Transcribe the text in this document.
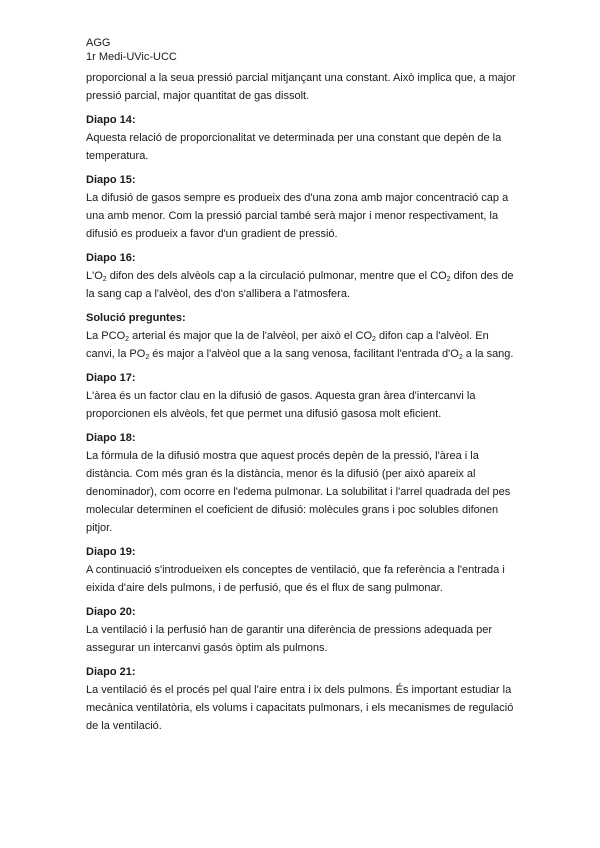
AGG
1r Medi-UVic-UCC

proporcional a la seua pressió parcial mitjançant una constant. Això implica que, a major pressió parcial, major quantitat de gas dissolt.

Diapo 14:

Aquesta relació de proporcionalitat ve determinada per una constant que depèn de la temperatura.

Diapo 15:

La difusió de gasos sempre es produeix des d'una zona amb major concentració cap a una amb menor. Com la pressió parcial també serà major i menor respectivament, la difusió es produeix a favor d'un gradient de pressió.

Diapo 16:

$L'O_2$ difon des dels alvèols cap a la circulació pulmonar, mentre que el $CO_2$ difon des de la sang cap a l'alvèol, des d'on s'allibera a l'atmosfera.

Solució preguntes:

La $PCO_2$ arterial és major que la de l'alvèol, per això el $CO_2$ difon cap a l'alvèol. En canvi, la $PO_2$ és major a l'alvèol que a la sang venosa, facilitant l'entrada $d'O_2$ a la sang.

Diapo 17:

L'àrea és un factor clau en la difusió de gasos. Aquesta gran àrea d'intercanvi la proporcionen els alvèols, fet que permet una difusió gasosa molt eficient.

Diapo 18:

La fórmula de la difusió mostra que aquest procés depèn de la pressió, l'àrea i la distància. Com més gran és la distància, menor és la difusió (per això apareix al denominador), com ocorre en l'edema pulmonar. La solubilitat i l'arrel quadrada del pes molecular determinen el coeficient de difusió: molècules grans i poc solubles difonen pitjor.

Diapo 19:

A continuació s'introdueixen els conceptes de ventilació, que fa referència a l'entrada i eixida d'aire dels pulmons, i de perfusió, que és el flux de sang pulmonar.

Diapo 20:

La ventilació i la perfusió han de garantir una diferència de pressions adequada per assegurar un intercanvi gasós òptim als pulmons.

Diapo 21:

La ventilació és el procés pel qual l'aire entra i ix dels pulmons. És important estudiar la mecànica ventilatòria, els volums i capacitats pulmonars, i els mecanismes de regulació de la ventilació.
